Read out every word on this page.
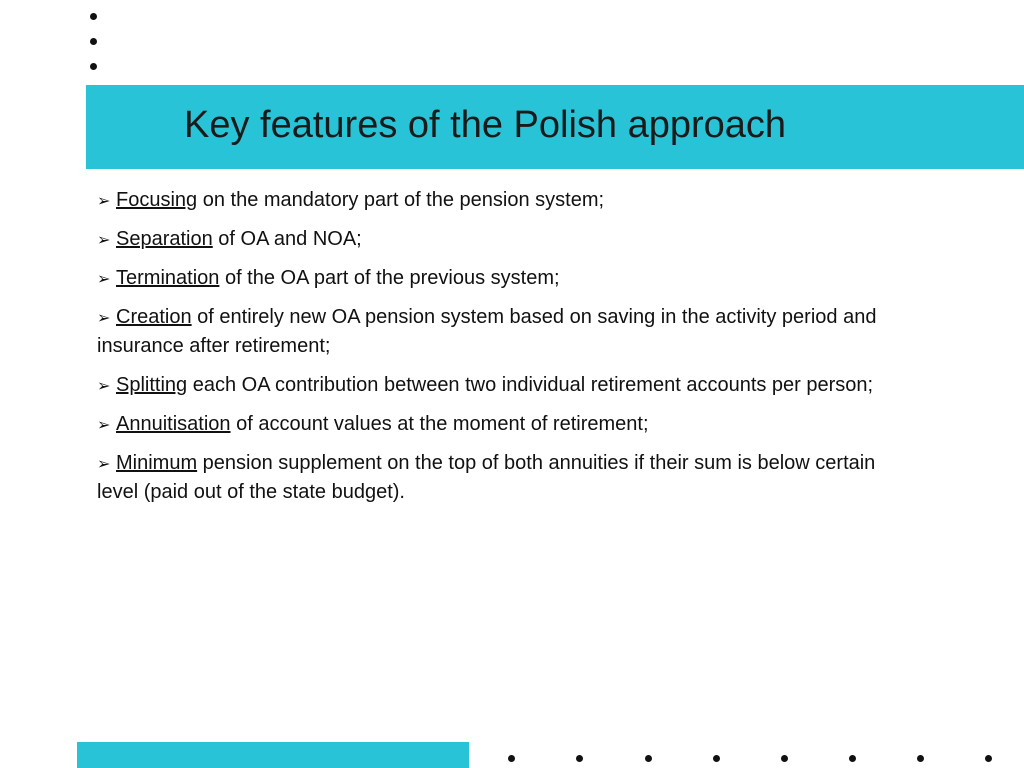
Key features of the Polish approach
➢ Focusing on the mandatory part of the pension system;
➢ Separation of OA and NOA;
➢ Termination of the OA part of the previous system;
➢ Creation of entirely new OA pension system based on saving in the activity period and insurance after retirement;
➢ Splitting each OA contribution between two individual retirement accounts per person;
➢ Annuitisation of account values at the moment of retirement;
➢ Minimum pension supplement on the top of both annuities if their sum is below certain level (paid out of the state budget).
